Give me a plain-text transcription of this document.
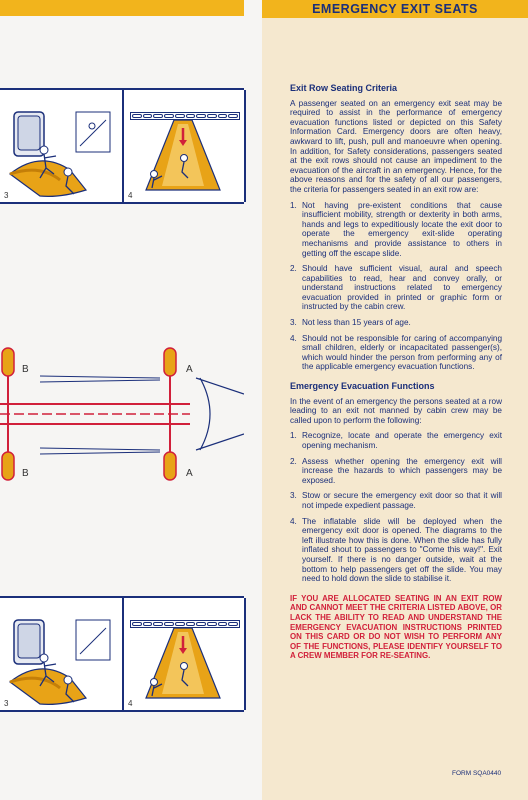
3	4
B
B
A
A
3	4
EMERGENCY EXIT SEATS
Exit Row Seating Criteria

A passenger seated on an emergency exit seat may be required to assist in the performance of emergency evacuation functions listed or depicted on this Safety Information Card. Emergency doors are often heavy, awkward to lift, push, pull and manoeuvre when opening. In addition, for Safety considerations, passengers seated at the exit rows should not cause an impediment to the evacuation of the aircraft in an emergency. Hence, for the above reasons and for the safety of all our passengers, the criteria for passengers seated in an exit row are:

1. Not having pre-existent conditions that cause insufficient mobility, strength or dexterity in both arms, hands and legs to expeditiously locate the exit door to operate the emergency exit-slide operating mechanisms and provide assistance to others in getting off the escape slide.
2. Should have sufficient visual, aural and speech capabilities to read, hear and convey orally, or understand instructions related to emergency evacuation provided in printed or graphic form or instructed by the cabin crew.
3. Not less than 15 years of age.
4. Should not be responsible for caring of accompanying small children, elderly or incapacitated passenger(s), which would hinder the person from performing any of the applicable emergency evacuation functions.
Emergency Evacuation Functions

In the event of an emergency the persons seated at a row leading to an exit not manned by cabin crew may be called upon to perform the following:

1. Recognize, locate and operate the emergency exit opening mechanism.
2. Assess whether opening the emergency exit will increase the hazards to which passengers may be exposed.
3. Stow or secure the emergency exit door so that it will not impede expedient passage.
4. The inflatable slide will be deployed when the emergency exit door is opened. The diagrams to the left illustrate how this is done. When the slide has fully inflated shout to passengers to "Come this way!". Exit yourself. If there is no danger outside, wait at the bottom to help passengers get off the slide. You may need to hold down the slide to stabilise it.
IF YOU ARE ALLOCATED SEATING IN AN EXIT ROW AND CANNOT MEET THE CRITERIA LISTED ABOVE, OR LACK THE ABILITY TO READ AND UNDERSTAND THE EMERGENCY EVACUATION INSTRUCTIONS PRINTED ON THIS CARD OR DO NOT WISH TO PERFORM ANY OF THE FUNCTIONS, PLEASE IDENTIFY YOURSELF TO A CREW MEMBER FOR RE-SEATING.
FORM SQA0440
